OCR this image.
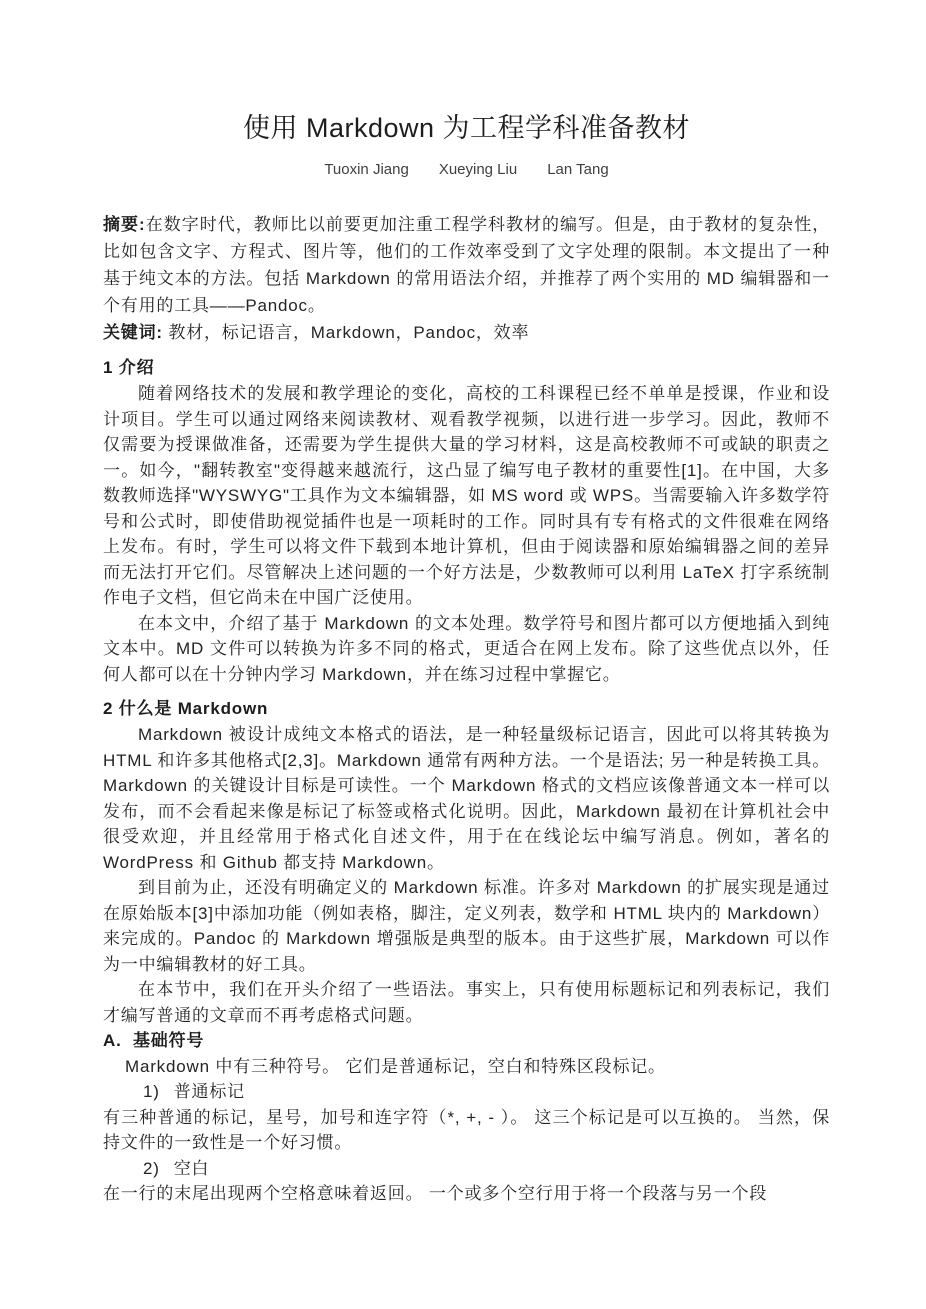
使用 Markdown 为工程学科准备教材
Tuoxin Jiang Xueying Liu Lan Tang

摘要:在数字时代，教师比以前要更加注重工程学科教材的编写。但是，由于教材的复杂性，比如包含文字、方程式、图片等，他们的工作效率受到了文字处理的限制。本文提出了一种基于纯文本的方法。包括 Markdown 的常用语法介绍，并推荐了两个实用的 MD 编辑器和一个有用的工具——Pandoc。

关键词: 教材，标记语言，Markdown，Pandoc，效率

1 介绍

随着网络技术的发展和教学理论的变化，高校的工科课程已经不单单是授课，作业和设计项目。学生可以通过网络来阅读教材、观看教学视频，以进行进一步学习。因此，教师不仅需要为授课做准备，还需要为学生提供大量的学习材料，这是高校教师不可或缺的职责之一。如今，"翻转教室"变得越来越流行，这凸显了编写电子教材的重要性[1]。在中国，大多数教师选择"WYSWYG"工具作为文本编辑器，如 MS word 或 WPS。当需要输入许多数学符号和公式时，即使借助视觉插件也是一项耗时的工作。同时具有专有格式的文件很难在网络上发布。有时，学生可以将文件下载到本地计算机，但由于阅读器和原始编辑器之间的差异而无法打开它们。尽管解决上述问题的一个好方法是，少数教师可以利用 LaTeX 打字系统制作电子文档，但它尚未在中国广泛使用。

在本文中，介绍了基于 Markdown 的文本处理。数学符号和图片都可以方便地插入到纯文本中。MD 文件可以转换为许多不同的格式，更适合在网上发布。除了这些优点以外，任何人都可以在十分钟内学习 Markdown，并在练习过程中掌握它。

2 什么是 Markdown

Markdown 被设计成纯文本格式的语法，是一种轻量级标记语言，因此可以将其转换为 HTML 和许多其他格式[2,3]。Markdown 通常有两种方法。一个是语法; 另一种是转换工具。Markdown 的关键设计目标是可读性。一个 Markdown 格式的文档应该像普通文本一样可以发布，而不会看起来像是标记了标签或格式化说明。因此，Markdown 最初在计算机社会中很受欢迎，并且经常用于格式化自述文件，用于在在线论坛中编写消息。例如，著名的 WordPress 和 Github 都支持 Markdown。

到目前为止，还没有明确定义的 Markdown 标准。许多对 Markdown 的扩展实现是通过在原始版本[3]中添加功能（例如表格，脚注，定义列表，数学和 HTML 块内的 Markdown）来完成的。Pandoc 的 Markdown 增强版是典型的版本。由于这些扩展，Markdown 可以作为一中编辑教材的好工具。

在本节中，我们在开头介绍了一些语法。事实上，只有使用标题标记和列表标记，我们才编写普通的文章而不再考虑格式问题。

A. 基础符号

Markdown 中有三种符号。 它们是普通标记，空白和特殊区段标记。

1) 普通标记

有三种普通的标记，星号，加号和连字符（*, +, - ）。 这三个标记是可以互换的。 当然，保持文件的一致性是一个好习惯。

2) 空白

在一行的末尾出现两个空格意味着返回。 一个或多个空行用于将一个段落与另一个段
